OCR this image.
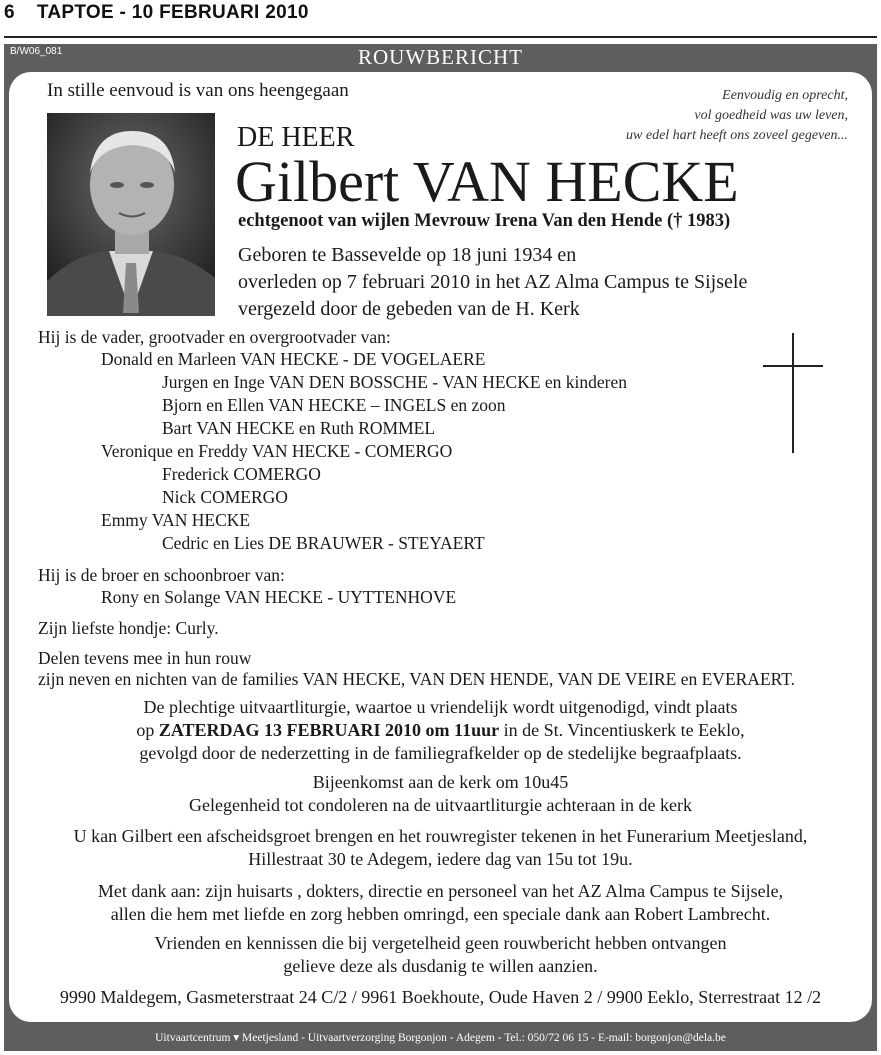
6 TAPTOE - 10 FEBRUARI 2010
B/W06_081	ROUWBERICHT
In stille eenvoud is van ons heengegaan	Eenvoudig en oprecht,
vol goedheid was uw leven,
uw edel hart heeft ons zoveel gegeven...
DE HEER
Gilbert VAN HECKE
echtgenoot van wijlen Mevrouw Irena Van den Hende († 1983)
Geboren te Bassevelde op 18 juni 1934 en
overleden op 7 februari 2010 in het AZ Alma Campus te Sijsele
vergezeld door de gebeden van de H. Kerk
Hij is de vader, grootvader en overgrootvader van:
Donald en Marleen VAN HECKE - DE VOGELAERE
Jurgen en Inge VAN DEN BOSSCHE - VAN HECKE en kinderen
Bjorn en Ellen VAN HECKE – INGELS en zoon
Bart VAN HECKE en Ruth ROMMEL
Veronique en Freddy VAN HECKE - COMERGO
Frederick COMERGO
Nick COMERGO
Emmy VAN HECKE
Cedric en Lies DE BRAUWER - STEYAERT
Hij is de broer en schoonbroer van:
Rony en Solange VAN HECKE - UYTTENHOVE
Zijn liefste hondje: Curly.
Delen tevens mee in hun rouw
zijn neven en nichten van de families VAN HECKE, VAN DEN HENDE, VAN DE VEIRE en EVERAERT.
De plechtige uitvaartliturgie, waartoe u vriendelijk wordt uitgenodigd, vindt plaats
op ZATERDAG 13 FEBRUARI 2010 om 11uur in de St. Vincentiuskerk te Eeklo,
gevolgd door de nederzetting in de familiegrafkelder op de stedelijke begraafplaats.
Bijeenkomst aan de kerk om 10u45
Gelegenheid tot condoleren na de uitvaartliturgie achteraan in de kerk
U kan Gilbert een afscheidsgroet brengen en het rouwregister tekenen in het Funerarium Meetjesland,
Hillestraat 30 te Adegem, iedere dag van 15u tot 19u.
Met dank aan: zijn huisarts , dokters, directie en personeel van het AZ Alma Campus te Sijsele,
allen die hem met liefde en zorg hebben omringd, een speciale dank aan Robert Lambrecht.
Vrienden en kennissen die bij vergetelheid geen rouwbericht hebben ontvangen
gelieve deze als dusdanig te willen aanzien.
9990 Maldegem, Gasmeterstraat 24 C/2 / 9961 Boekhoute, Oude Haven 2 / 9900 Eeklo, Sterrestraat 12 /2
Uitvaartcentrum ▾ Meetjesland - Uitvaartverzorging Borgonjon - Adegem - Tel.: 050/72 06 15 - E-mail: borgonjon@dela.be
